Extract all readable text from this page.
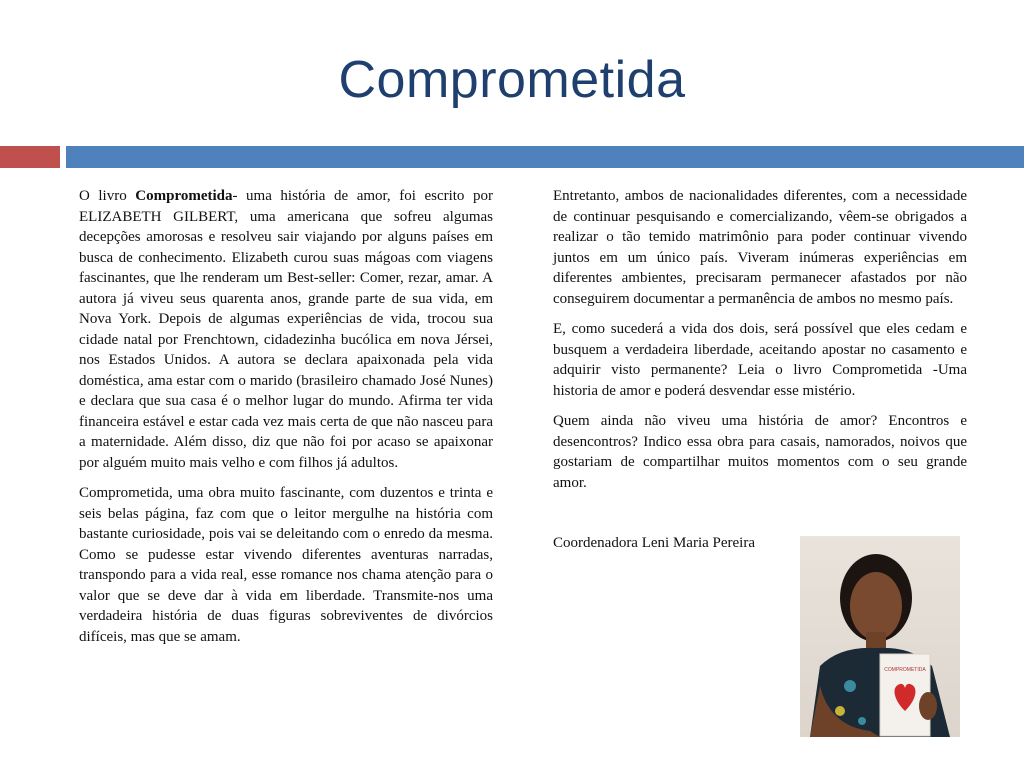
Comprometida

O livro Comprometida- uma história de amor, foi escrito por ELIZABETH GILBERT, uma americana que sofreu algumas decepções amorosas e resolveu sair viajando por alguns países em busca de conhecimento. Elizabeth curou suas mágoas com viagens fascinantes, que lhe renderam um Best-seller: Comer, rezar, amar. A autora já viveu seus quarenta anos, grande parte de sua vida, em Nova York. Depois de algumas experiências de vida, trocou sua cidade natal por Frenchtown, cidadezinha bucólica em nova Jérsei, nos Estados Unidos. A autora se declara apaixonada pela vida doméstica, ama estar com o marido (brasileiro chamado José Nunes) e declara que sua casa é o melhor lugar do mundo. Afirma ter vida financeira estável e estar cada vez mais certa de que não nasceu para a maternidade. Além disso, diz que não foi por acaso se apaixonar por alguém muito mais velho e com filhos já adultos.

Comprometida, uma obra muito fascinante, com duzentos e trinta e seis belas página, faz com que o leitor mergulhe na história com bastante curiosidade, pois vai se deleitando com o enredo da mesma. Como se pudesse estar vivendo diferentes aventuras narradas, transpondo para a vida real, esse romance nos chama atenção para o valor que se deve dar à vida em liberdade. Transmite-nos uma verdadeira história de duas figuras sobreviventes de divórcios difíceis, mas que se amam.

Entretanto, ambos de nacionalidades diferentes, com a necessidade de continuar pesquisando e comercializando, vêem-se obrigados a realizar o tão temido matrimônio para poder continuar vivendo juntos em um único país. Viveram inúmeras experiências em diferentes ambientes, precisaram permanecer afastados por não conseguirem documentar a permanência de ambos no mesmo país.

E, como sucederá a vida dos dois, será possível que eles cedam e busquem a verdadeira liberdade, aceitando apostar no casamento e adquirir visto permanente? Leia o livro Comprometida -Uma historia de amor e poderá desvendar esse mistério.

Quem ainda não viveu uma história de amor? Encontros e desencontros? Indico essa obra para casais, namorados, noivos que gostariam de compartilhar muitos momentos com o seu grande amor.

Coordenadora Leni Maria Pereira

COMPROMETIDA
